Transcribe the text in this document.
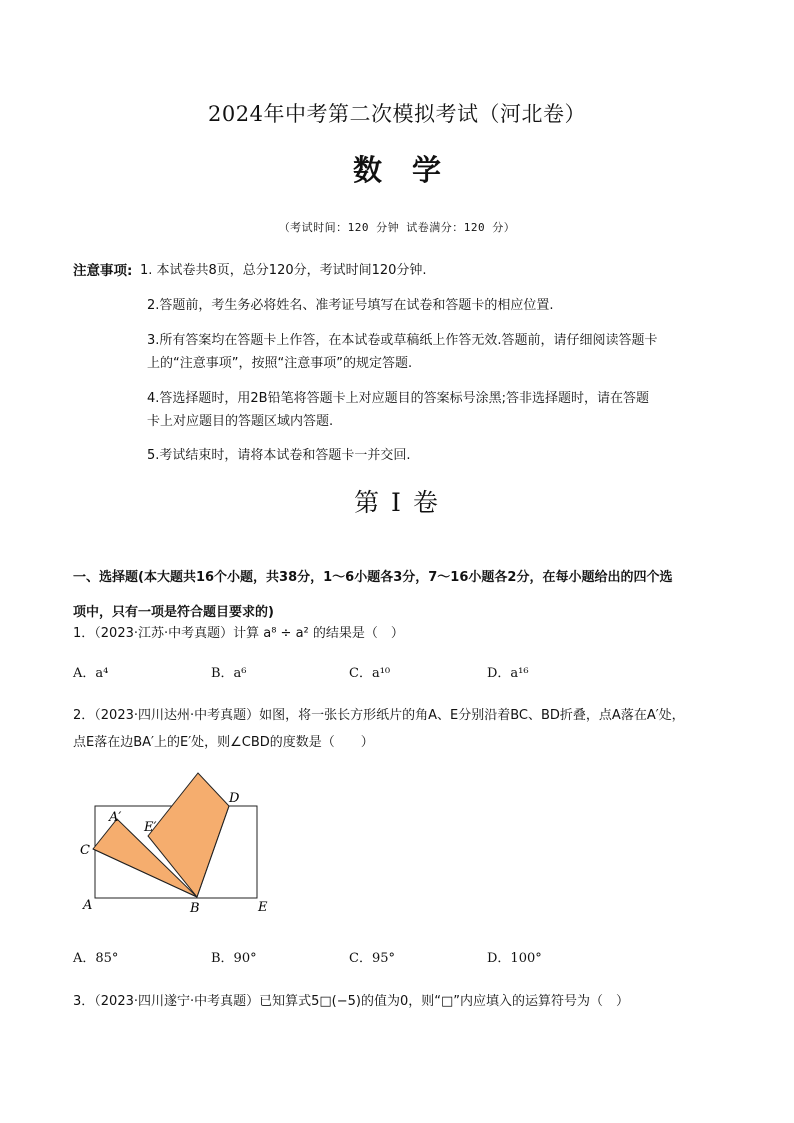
2024年中考第二次模拟考试（河北卷）
数学
（考试时间：120 分钟 试卷满分：120 分）
注意事项: 1. 本试卷共8页，总分120分，考试时间120分钟.
2.答题前，考生务必将姓名、准考证号填写在试卷和答题卡的相应位置.
3.所有答案均在答题卡上作答，在本试卷或草稿纸上作答无效.答题前，请仔细阅读答题卡
上的“注意事项”，按照“注意事项”的规定答题.
4.答选择题时，用2B铅笔将答题卡上对应题目的答案标号涂黑;答非选择题时，请在答题
卡上对应题目的答题区域内答题.
5.考试结束时，请将本试卷和答题卡一并交回.
第 I 卷
一、选择题(本大题共16个小题，共38分，1～6小题各3分，7～16小题各2分，在每小题给出的四个选
项中，只有一项是符合题目要求的)
1．（2023·江苏·中考真题）计算 a⁸ ÷ a² 的结果是（　）
A．a⁴	B．a⁶	C．a¹⁰	D．a¹⁶
2．（2023·四川达州·中考真题）如图，将一张长方形纸片的角A、E分别沿着BC、BD折叠，点A落在A′处，
点E落在边BA′上的E′处，则∠CBD的度数是（　　）
A	B
C
D
E
A′
E′
A．85°	B．90°	C．95°	D．100°
3．（2023·四川遂宁·中考真题）已知算式5□(−5)的值为0，则“□”内应填入的运算符号为（　）
